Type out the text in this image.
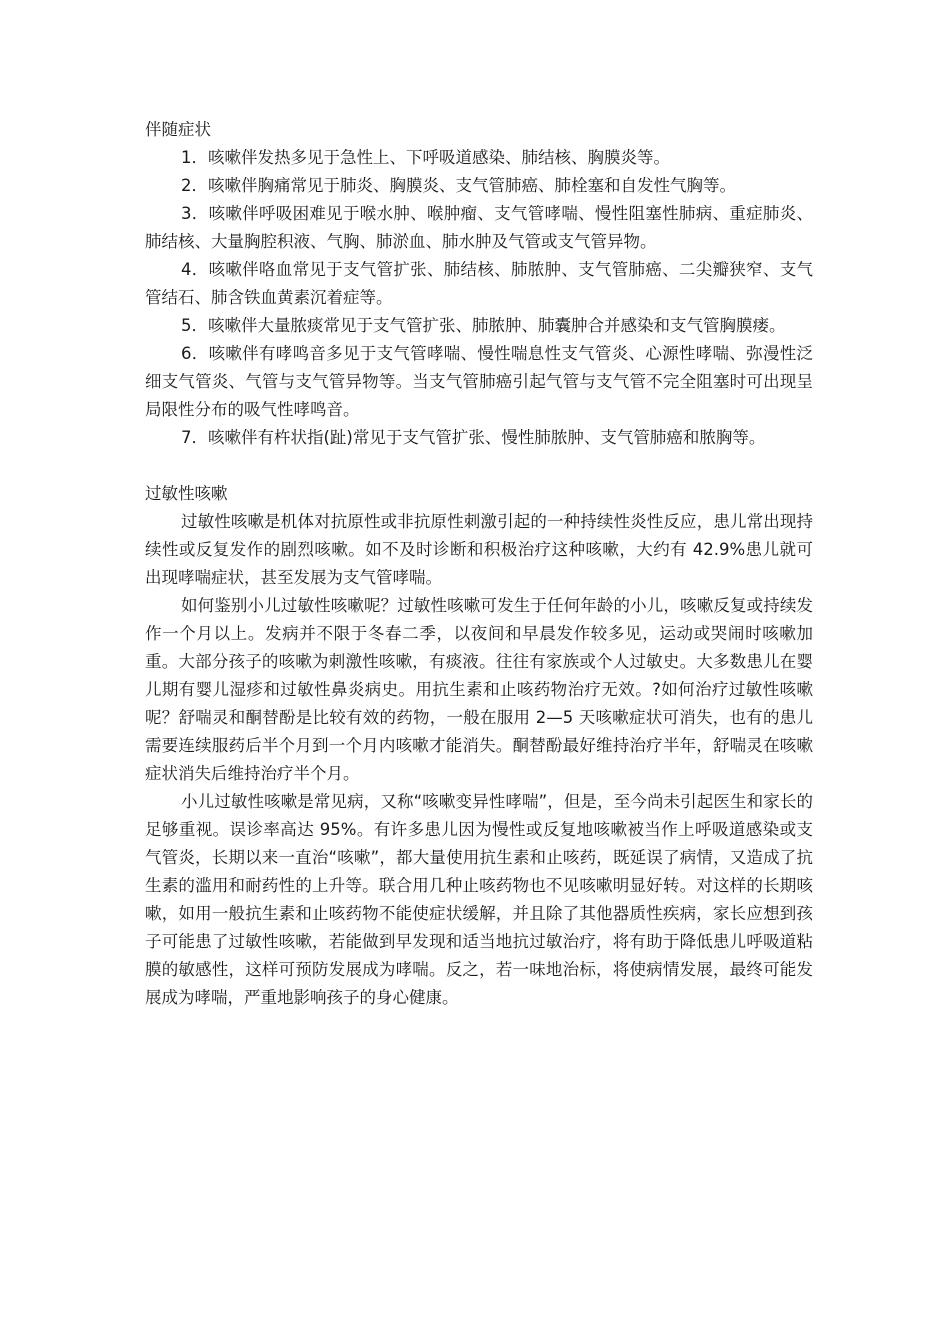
伴随症状

1．咳嗽伴发热多见于急性上、下呼吸道感染、肺结核、胸膜炎等。

2．咳嗽伴胸痛常见于肺炎、胸膜炎、支气管肺癌、肺栓塞和自发性气胸等。

3．咳嗽伴呼吸困难见于喉水肿、喉肿瘤、支气管哮喘、慢性阻塞性肺病、重症肺炎、肺结核、大量胸腔积液、气胸、肺淤血、肺水肿及气管或支气管异物。

4．咳嗽伴咯血常见于支气管扩张、肺结核、肺脓肿、支气管肺癌、二尖瓣狭窄、支气管结石、肺含铁血黄素沉着症等。

5．咳嗽伴大量脓痰常见于支气管扩张、肺脓肿、肺囊肿合并感染和支气管胸膜瘘。

6．咳嗽伴有哮鸣音多见于支气管哮喘、慢性喘息性支气管炎、心源性哮喘、弥漫性泛细支气管炎、气管与支气管异物等。当支气管肺癌引起气管与支气管不完全阻塞时可出现呈局限性分布的吸气性哮鸣音。

7．咳嗽伴有杵状指(趾)常见于支气管扩张、慢性肺脓肿、支气管肺癌和脓胸等。

过敏性咳嗽

过敏性咳嗽是机体对抗原性或非抗原性刺激引起的一种持续性炎性反应，患儿常出现持续性或反复发作的剧烈咳嗽。如不及时诊断和积极治疗这种咳嗽，大约有 42.9%患儿就可出现哮喘症状，甚至发展为支气管哮喘。

如何鉴别小儿过敏性咳嗽呢？过敏性咳嗽可发生于任何年龄的小儿，咳嗽反复或持续发作一个月以上。发病并不限于冬春二季，以夜间和早晨发作较多见，运动或哭闹时咳嗽加重。大部分孩子的咳嗽为刺激性咳嗽，有痰液。往往有家族或个人过敏史。大多数患儿在婴儿期有婴儿湿疹和过敏性鼻炎病史。用抗生素和止咳药物治疗无效。?如何治疗过敏性咳嗽呢？舒喘灵和酮替酚是比较有效的药物，一般在服用 2—5 天咳嗽症状可消失，也有的患儿需要连续服药后半个月到一个月内咳嗽才能消失。酮替酚最好维持治疗半年，舒喘灵在咳嗽症状消失后维持治疗半个月。

小儿过敏性咳嗽是常见病，又称“咳嗽变异性哮喘”，但是，至今尚未引起医生和家长的足够重视。误诊率高达 95%。有许多患儿因为慢性或反复地咳嗽被当作上呼吸道感染或支气管炎，长期以来一直治“咳嗽”，都大量使用抗生素和止咳药，既延误了病情，又造成了抗生素的滥用和耐药性的上升等。联合用几种止咳药物也不见咳嗽明显好转。对这样的长期咳嗽，如用一般抗生素和止咳药物不能使症状缓解，并且除了其他器质性疾病，家长应想到孩子可能患了过敏性咳嗽，若能做到早发现和适当地抗过敏治疗，将有助于降低患儿呼吸道粘膜的敏感性，这样可预防发展成为哮喘。反之，若一味地治标，将使病情发展，最终可能发展成为哮喘，严重地影响孩子的身心健康。
